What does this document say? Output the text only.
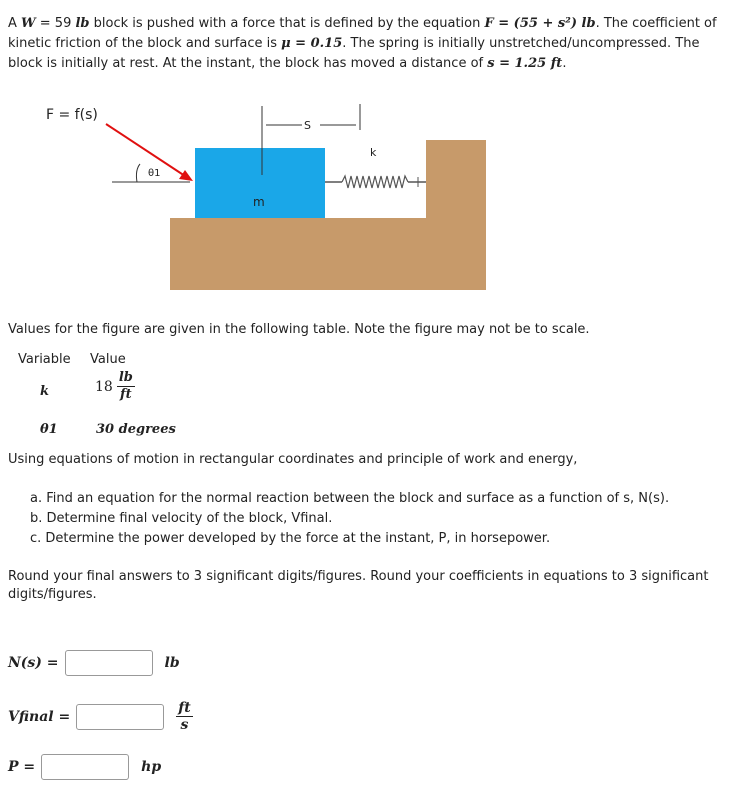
A W = 59 lb block is pushed with a force that is defined by the equation F = (55 + s²) lb. The coefficient of kinetic friction of the block and surface is μ = 0.15. The spring is initially unstretched/uncompressed. The block is initially at rest. At the instant, the block has moved a distance of s = 1.25 ft.
S
k
m
θ1
F = f(s)
Values for the figure are given in the following table. Note the figure may not be to scale.
Variable Value
k	$18 \frac{lb}{ft}$
θ1	30 degrees
Using equations of motion in rectangular coordinates and principle of work and energy,
a. Find an equation for the normal reaction between the block and surface as a function of s, N(s).
b. Determine final velocity of the block, Vfinal.
c. Determine the power developed by the force at the instant, P, in horsepower.
Round your final answers to 3 significant digits/figures. Round your coefficients in equations to 3 significant digits/figures.
N(s) =	lb
Vfinal =	$\frac{ft}{s}$
P =	hp
